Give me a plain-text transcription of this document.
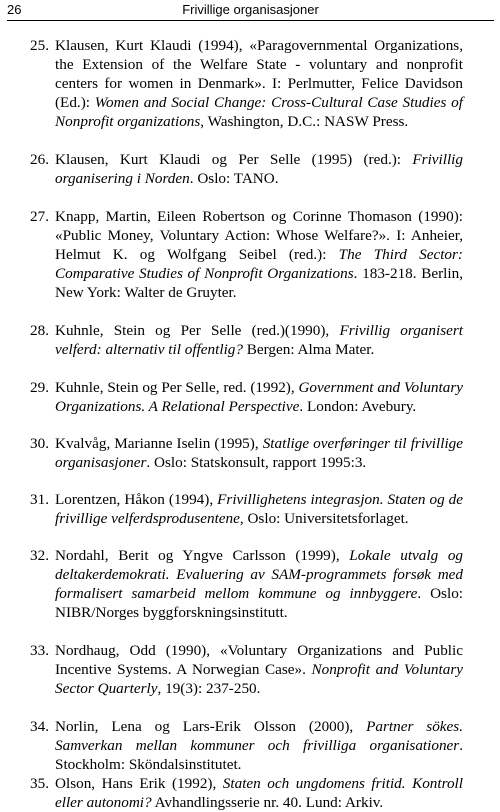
26	Frivillige organisasjoner
25. Klausen, Kurt Klaudi (1994), «Paragovernmental Organizations, the Extension of the Welfare State - voluntary and nonprofit centers for women in Denmark». I: Perlmutter, Felice Davidson (Ed.): Women and Social Change: Cross-Cultural Case Studies of Nonprofit organizations, Washington, D.C.: NASW Press.
26. Klausen, Kurt Klaudi og Per Selle (1995) (red.): Frivillig organisering i Norden. Oslo: TANO.
27. Knapp, Martin, Eileen Robertson og Corinne Thomason (1990): «Public Money, Voluntary Action: Whose Welfare?». I: Anheier, Helmut K. og Wolfgang Seibel (red.): The Third Sector: Comparative Studies of Nonprofit Organizations. 183-218. Berlin, New York: Walter de Gruyter.
28. Kuhnle, Stein og Per Selle (red.)(1990), Frivillig organisert velferd: alternativ til offentlig? Bergen: Alma Mater.
29. Kuhnle, Stein og Per Selle, red. (1992), Government and Voluntary Organizations. A Relational Perspective. London: Avebury.
30. Kvalvåg, Marianne Iselin (1995), Statlige overføringer til frivillige organisasjoner. Oslo: Statskonsult, rapport 1995:3.
31. Lorentzen, Håkon (1994), Frivillighetens integrasjon. Staten og de frivillige velferdsprodusentene, Oslo: Universitetsforlaget.
32. Nordahl, Berit og Yngve Carlsson (1999), Lokale utvalg og deltakerdemokrati. Evaluering av SAM-programmets forsøk med formalisert samarbeid mellom kommune og innbyggere. Oslo: NIBR/Norges byggforskningsinstitutt.
33. Nordhaug, Odd (1990), «Voluntary Organizations and Public Incentive Systems. A Norwegian Case». Nonprofit and Voluntary Sector Quarterly, 19(3): 237-250.
34. Norlin, Lena og Lars-Erik Olsson (2000), Partner sökes. Samverkan mellan kommuner och frivilliga organisationer. Stockholm: Sköndalsinstitutet.
35. Olson, Hans Erik (1992), Staten och ungdomens fritid. Kontroll eller autonomi? Avhandlingsserie nr. 40. Lund: Arkiv.
